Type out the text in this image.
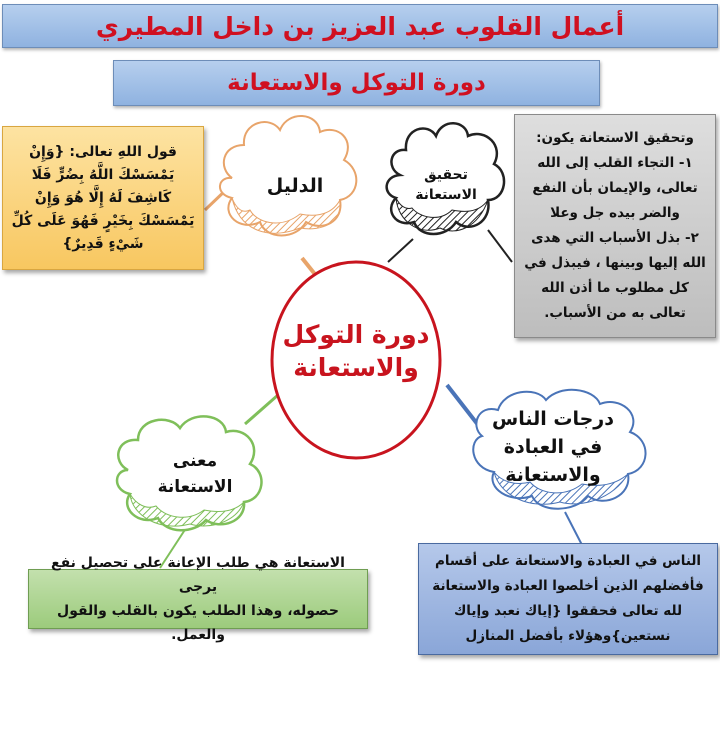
أعمال القلوب عبد العزيز بن داخل المطيري
دورة التوكل والاستعانة
دورة التوكل
والاستعانة
الدليل	تحقيق
الاستعانة
معنى
الاستعانة
درجات الناس
في العبادة
والاستعانة
قول اللهِ تعالى: {وَإِنْ يَمْسَسْكَ اللَّهُ بِضُرٍّ فَلَا كَاشِفَ لَهُ إِلَّا هُوَ وَإِنْ يَمْسَسْكَ بِخَيْرٍ فَهُوَ عَلَى كُلِّ شَيْءٍ قَدِيرٌ}
وتحقيق الاستعانة يكون:
١- التجاء القلب إلى الله
تعالى، والإيمان بأن النفع
والضر بيده جل وعلا
٢- بذل الأسباب التي هدى
الله إليها وبينها ، فيبذل في
كل مطلوب ما أذن الله
تعالى به من الأسباب.
الاستعانة هي طلب الإعانة على تحصيل نفع يرجى
حصوله، وهذا الطلب يكون بالقلب والقول والعمل.
الناس في العبادة والاستعانة على أقسام
فأفضلهم الذين أخلصوا العبادة والاستعانة
لله تعالى فحققوا {إياك نعبد وإياك
نستعين}وهؤلاء بأفضل المنازل
